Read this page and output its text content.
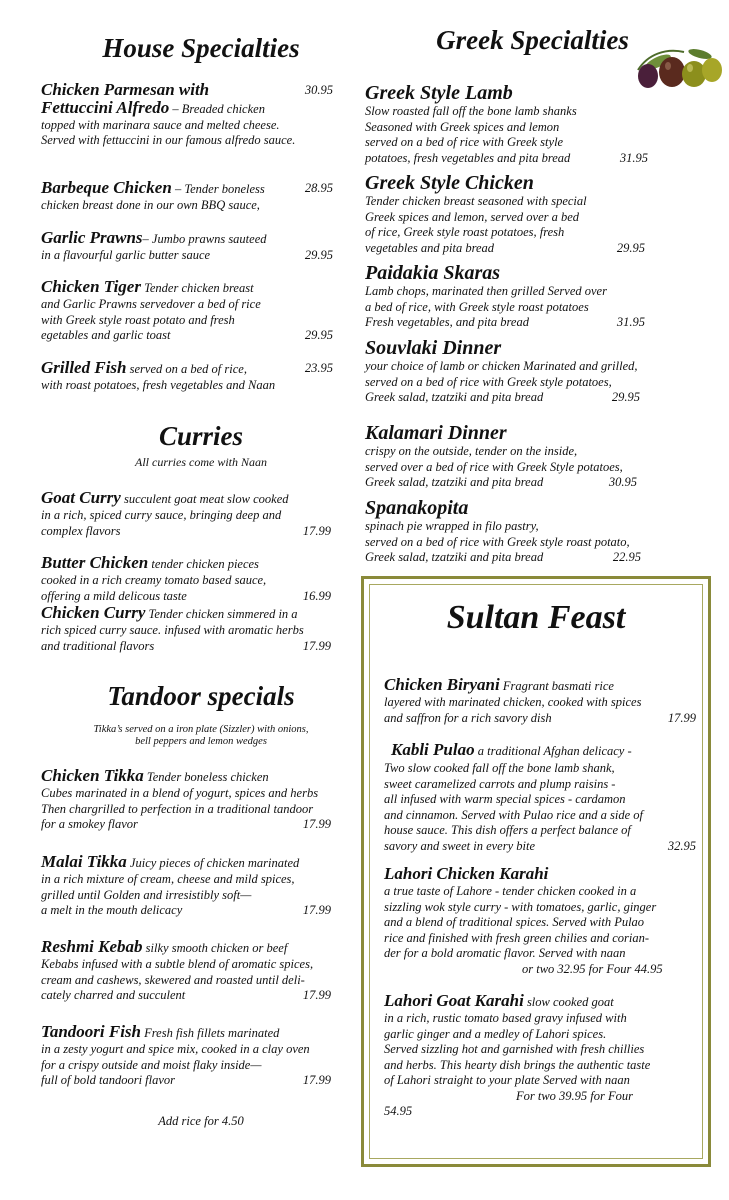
House Specialties
Chicken Parmesan with	30.95
Fettuccini Alfredo – Breaded chicken
topped with marinara sauce and melted cheese.
Served with fettuccini in our famous alfredo sauce.
Barbeque Chicken – Tender boneless	28.95
chicken breast done in our own BBQ sauce,
Garlic Prawns– Jumbo prawns sauteed
in a flavourful garlic butter sauce	29.95
Chicken Tiger Tender chicken breast
and Garlic Prawns servedover a bed of rice
with Greek style roast potato and fresh
egetables and garlic toast	29.95
Grilled Fish served on a bed of rice,	23.95
with roast potatoes, fresh vegetables and Naan
Curries
All curries come with Naan
Goat Curry succulent goat meat slow cooked
in a rich, spiced curry sauce, bringing deep and
complex flavors	17.99
Butter Chicken tender chicken pieces
cooked in a rich creamy tomato based sauce,
offering a mild delicous taste	16.99
Chicken Curry Tender chicken simmered in a
rich spiced curry sauce. infused with aromatic herbs
and traditional flavors	17.99
Tandoor specials
Tikka’s served on a iron plate (Sizzler) with onions,
bell peppers and lemon wedges
Chicken Tikka Tender boneless chicken
Cubes marinated in a blend of yogurt, spices and herbs
Then chargrilled to perfection in a traditional tandoor
for a smokey flavor	17.99
Malai Tikka Juicy pieces of chicken marinated
in a rich mixture of cream, cheese and mild spices,
grilled until Golden and irresistibly soft—
a melt in the mouth delicacy	17.99
Reshmi Kebab silky smooth chicken or beef
Kebabs infused with a subtle blend of aromatic spices,
cream and cashews, skewered and roasted until deli-
cately charred and succulent	17.99
Tandoori Fish Fresh fish fillets marinated
in a zesty yogurt and spice mix, cooked in a clay oven
for a crispy outside and moist flaky inside—
full of bold tandoori flavor	17.99
Add rice for 4.50
Greek Specialties
Greek Style Lamb
Slow roasted fall off the bone lamb shanks
Seasoned with Greek spices and lemon
served on a bed of rice with Greek style
potatoes, fresh vegetables and pita bread	31.95
Greek Style Chicken
Tender chicken breast seasoned with special
Greek spices and lemon, served over a bed
of rice, Greek style roast potatoes, fresh
vegetables and pita bread	29.95
Paidakia Skaras
Lamb chops, marinated then grilled Served over
a bed of rice, with Greek style roast potatoes
Fresh vegetables, and pita bread	31.95
Souvlaki Dinner
your choice of lamb or chicken Marinated and grilled,
served on a bed of rice with Greek style potatoes,
Greek salad, tzatziki and pita bread	29.95
Kalamari Dinner
crispy on the outside, tender on the inside,
served over a bed of rice with Greek Style potatoes,
Greek salad, tzatziki and pita bread	30.95
Spanakopita
spinach pie wrapped in filo pastry,
served on a bed of rice with Greek style roast potato,
Greek salad, tzatziki and pita bread	22.95
Sultan Feast
Chicken Biryani Fragrant basmati rice
layered with marinated chicken, cooked with spices
and saffron for a rich savory dish	17.99
Kabli Pulao a traditional Afghan delicacy -
Two slow cooked fall off the bone lamb shank,
sweet caramelized carrots and plump raisins -
all infused with warm special spices - cardamon
and cinnamon. Served with Pulao rice and a side of
house sauce. This dish offers a perfect balance of
savory and sweet in every bite	32.95
Lahori Chicken Karahi
a true taste of Lahore - tender chicken cooked in a
sizzling wok style curry - with tomatoes, garlic, ginger
and a blend of traditional spices. Served with Pulao
rice and finished with fresh green chilies and corian-
der for a bold aromatic flavor. Served with naan
or two 32.95 for Four 44.95
Lahori Goat Karahi slow cooked goat
in a rich, rustic tomato based gravy infused with
garlic ginger and a medley of Lahori spices.
Served sizzling hot and garnished with fresh chillies
and herbs. This hearty dish brings the authentic taste
of Lahori straight to your plate Served with naan
For two 39.95 for Four
54.95
